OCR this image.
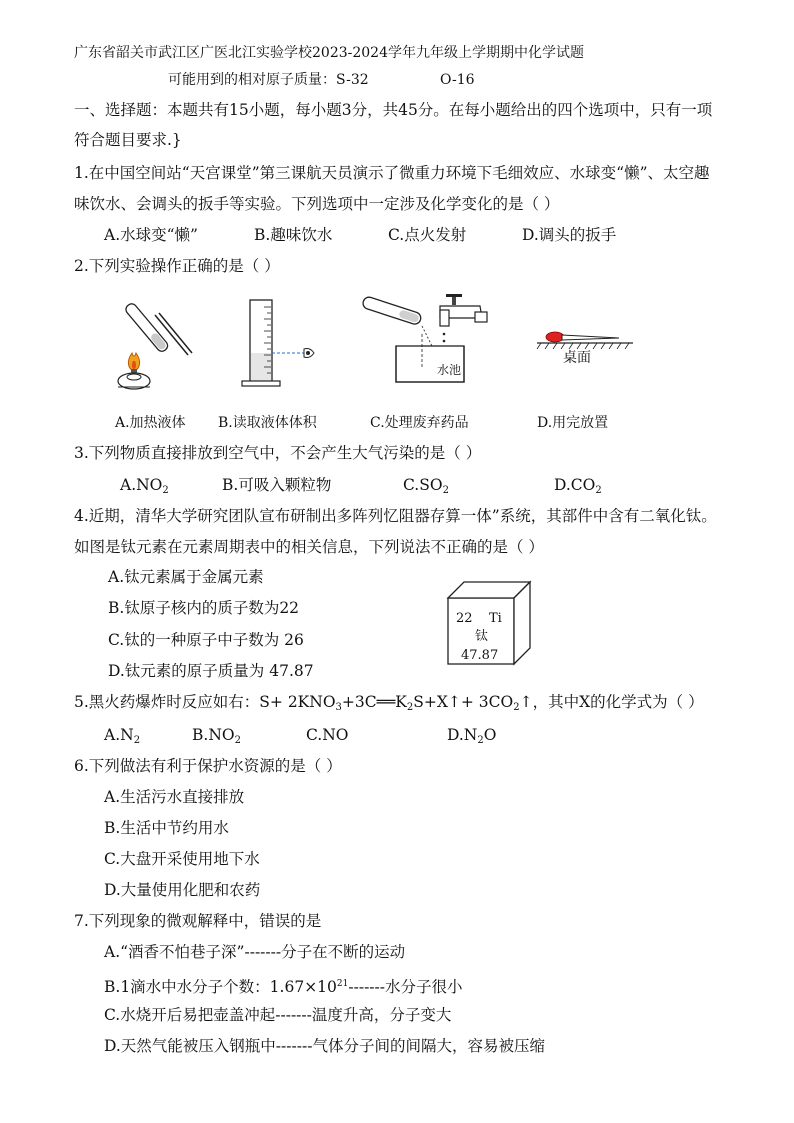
广东省韶关市武江区广医北江实验学校2023-2024学年九年级上学期期中化学试题
可能用到的相对原子质量：S-32	O-16
一、选择题：本题共有15小题，每小题3分，共45分。在每小题给出的四个选项中，只有一项
符合题目要求.}
1.在中国空间站“天宫课堂”第三课航天员演示了微重力环境下毛细效应、水球变“懒”、太空趣
味饮水、会调头的扳手等实验。下列选项中一定涉及化学变化的是（ ）
A.水球变“懒”	B.趣味饮水	C.点火发射	D.调头的扳手
2.下列实验操作正确的是（ ）
水池
桌面
A.加热液体 B.读取液体体积	C.处理废弃药品	D.用完放置
3.下列物质直接排放到空气中，不会产生大气污染的是（ ）
$A.NO_2$	B.可吸入颗粒物	$C.SO_2$	$D.CO_2$
4.近期，清华大学研究团队宣布研制出多阵列忆阻器存算一体”系统，其部件中含有二氧化钛。
如图是钛元素在元素周期表中的相关信息，下列说法不正确的是（ ）
A.钛元素属于金属元素
B.钛原子核内的质子数为22
C.钛的一种原子中子数为 26
D.钛元素的原子质量为 47.87
22 Ti
钛
47.87
5.黑火药爆炸时反应如右：$S+ 2KNO_3+3C══K_2S+X↑+$ $3CO_2↑$，其中X的化学式为（ ）
$A.N_2$	$B.NO_2$	C.NO	$D.N_2O$
6.下列做法有利于保护水资源的是（ ）
A.生活污水直接排放
B.生活中节约用水
C.大盘开采使用地下水
D.大量使用化肥和农药
7.下列现象的微观解释中，错误的是
A.“酒香不怕巷子深”-------分子在不断的运动
B.1滴水中水分子个数：$1.67\times 10^{21}-------$水分子很小
C.水烧开后易把壶盖冲起-------温度升高，分子变大
D.天然气能被压入钢瓶中-------气体分子间的间隔大，容易被压缩
